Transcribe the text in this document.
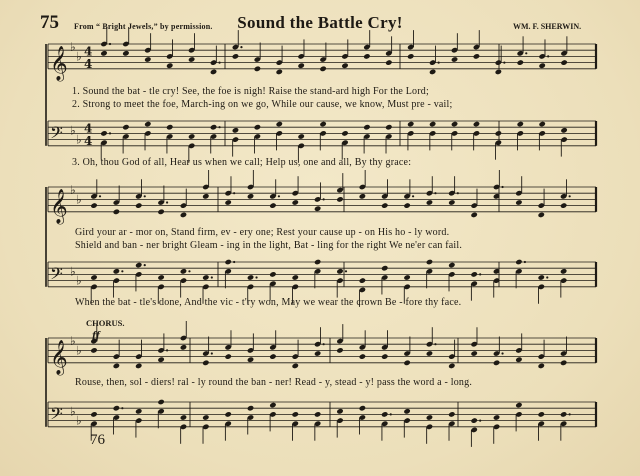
75 From “ Bright Jewels,” by permission.	Sound the Battle Cry!	WM. F. SHERWIN.
𝄞 ♭
♭ 4
4
𝄢 ♭
♭
4
4
𝄞 ♭
♭
𝄢 ♭
♭
𝄞 ♭
♭
𝄢 ♭
♭
1. Sound the bat - tle cry! See, the foe is nigh! Raise the stand-ard high For the Lord;
2. Strong to meet the foe, March-ing on we go, While our cause, we know, Must pre - vail;
3. Oh, thou God of all, Hear us when we call; Help us, one and all, By thy grace:
Gird your ar - mor on, Stand firm, ev - ery one; Rest your cause up - on His ho - ly word.
Shield and ban - ner bright Gleam - ing in the light, Bat - ling for the right We ne'er can fail.
When the bat - tle's done, And the vic - t'ry won, May we wear the crown Be - fore thy face.
CHORUS.
ff
Rouse, then, sol - diers! ral - ly round the ban - ner! Read - y, stead - y! pass the word a - long.
76
